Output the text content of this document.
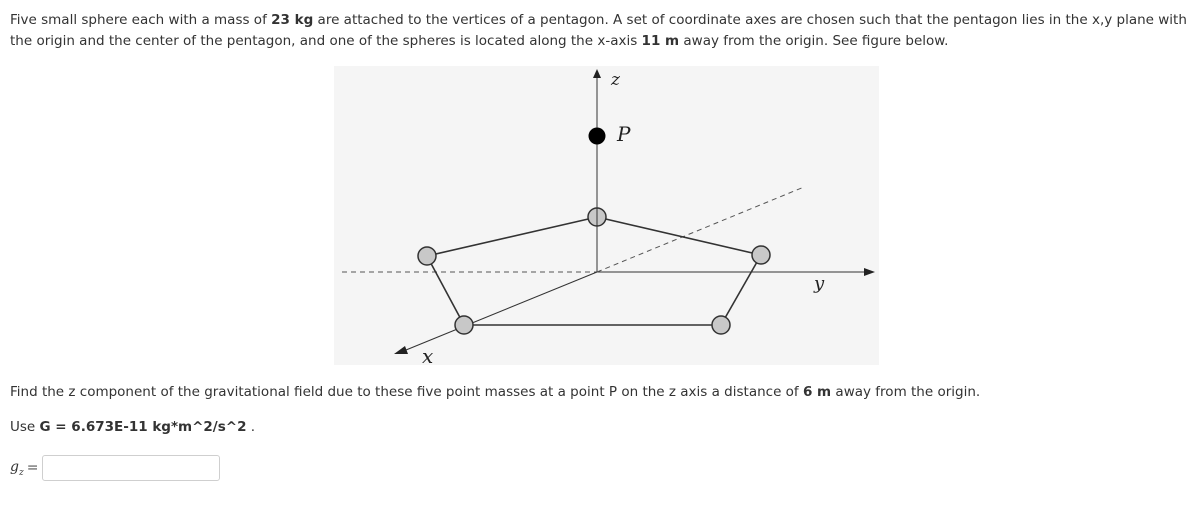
Five small sphere each with a mass of 23 kg are attached to the vertices of a pentagon. A set of coordinate axes are chosen such that the pentagon lies in the x,y plane with the origin and the center of the pentagon, and one of the spheres is located along the x-axis 11 m away from the origin. See figure below.

z
P
y
x

Find the z component of the gravitational field due to these five point masses at a point P on the z axis a distance of 6 m away from the origin.

Use G = 6.673E-11 kg*m^2/s^2 .

$g_z$ =
